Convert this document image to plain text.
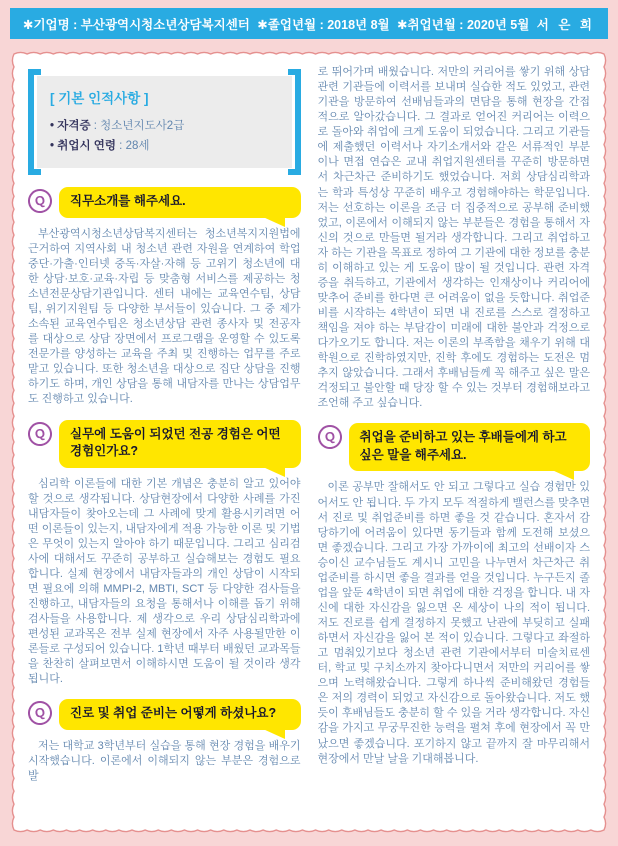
✱기업명 : 부산광역시청소년상담복지센터 ✱졸업년월 : 2018년 8월 ✱취업년월 : 2020년 5월 서 은 희
[ 기본 인적사항 ]
• 자격증 : 청소년지도사2급
• 취업시 연령 : 28세
Q	직무소개를 해주세요.

부산광역시청소년상담복지센터는 청소년복지지원법에 근거하여 지역사회 내 청소년 관련 자원을 연계하여 학업중단·가출·인터넷 중독·자살·자해 등 고위기 청소년에 대한 상담·보호·교육·자립 등 맞춤형 서비스를 제공하는 청소년전문상담기관입니다. 센터 내에는 교육연수팀, 상담팀, 위기지원팀 등 다양한 부서들이 있습니다. 그 중 제가 소속된 교육연수팀은 청소년상담 관련 종사자 및 전공자를 대상으로 상담 장면에서 프로그램을 운영할 수 있도록 전문가를 양성하는 교육을 주최 및 진행하는 업무를 주로 맡고 있습니다. 또한 청소년을 대상으로 집단 상담을 진행하기도 하며, 개인 상담을 통해 내담자를 만나는 상담업무도 진행하고 있습니다.

Q	실무에 도움이 되었던 전공 경험은 어떤 경험인가요?

심리학 이론들에 대한 기본 개념은 충분히 알고 있어야 할 것으로 생각됩니다. 상담현장에서 다양한 사례를 가진 내담자들이 찾아오는데 그 사례에 맞게 활용시키려면 어떤 이론들이 있는지, 내담자에게 적용 가능한 이론 및 기법은 무엇이 있는지 알아야 하기 때문입니다. 그리고 심리검사에 대해서도 꾸준히 공부하고 실습해보는 경험도 필요합니다. 실제 현장에서 내담자들과의 개인 상담이 시작되면 필요에 의해 MMPI-2, MBTI, SCT 등 다양한 검사들을 진행하고, 내담자들의 요청을 통해서나 이해를 돕기 위해 검사들을 사용합니다. 제 생각으로 우리 상담심리학과에 편성된 교과목은 전부 실제 현장에서 자주 사용될만한 이론들로 구성되어 있습니다. 1학년 때부터 배웠던 교과목들을 찬찬히 살펴보면서 이해하시면 도움이 될 것이라 생각됩니다.

Q	진로 및 취업 준비는 어떻게 하셨나요?

저는 대학교 3학년부터 실습을 통해 현장 경험을 배우기 시작했습니다. 이론에서 이해되지 않는 부분은 경험으로 발

로 뛰어가며 배웠습니다. 저만의 커리어를 쌓기 위해 상담 관련 기관들에 이력서를 보내며 실습한 적도 있었고, 관련 기관을 방문하여 선배님들과의 면담을 통해 현장을 간접적으로 알아갔습니다. 그 결과로 얻어진 커리어는 이력으로 돌아와 취업에 크게 도움이 되었습니다. 그리고 기관들에 제출했던 이력서나 자기소개서와 같은 서류적인 부분이나 면접 연습은 교내 취업지원센터를 꾸준히 방문하면서 차근차근 준비하기도 했었습니다. 저희 상담심리학과는 학과 특성상 꾸준히 배우고 경험해야하는 학문입니다. 저는 선호하는 이론을 조금 더 집중적으로 공부해 준비했었고, 이론에서 이해되지 않는 부분들은 경험을 통해서 자신의 것으로 만들면 될거라 생각합니다. 그리고 취업하고자 하는 기관을 목표로 정하여 그 기관에 대한 정보를 충분히 이해하고 있는 게 도움이 많이 될 것입니다. 관련 자격증을 취득하고, 기관에서 생각하는 인재상이나 커리어에 맞추어 준비를 한다면 큰 어려움이 없을 듯합니다. 취업준비를 시작하는 4학년이 되면 내 진로를 스스로 결정하고 책임을 져야 하는 부담감이 미래에 대한 불안과 걱정으로 다가오기도 합니다. 저는 이론의 부족함을 채우기 위해 대학원으로 진학하였지만, 진학 후에도 경험하는 도전은 멈추지 않았습니다. 그래서 후배님들께 꼭 해주고 싶은 말은 걱정되고 불안할 때 당장 할 수 있는 것부터 경험해보라고 조언해 주고 싶습니다.

Q	취업을 준비하고 있는 후배들에게 하고 싶은 말을 해주세요.

이론 공부만 잘해서도 안 되고 그렇다고 실습 경험만 있어서도 안 됩니다. 두 가지 모두 적절하게 밸런스를 맞추면서 진로 및 취업준비를 하면 좋을 것 같습니다. 혼자서 감당하기에 어려움이 있다면 동기들과 함께 도전해 보셨으면 좋겠습니다. 그리고 가장 가까이에 최고의 선배이자 스승이신 교수님들도 계시니 고민을 나누면서 차근차근 취업준비를 하시면 좋을 결과를 얻을 것입니다. 누구든지 졸업을 앞둔 4학년이 되면 취업에 대한 걱정을 합니다. 내 자신에 대한 자신감을 잃으면 온 세상이 나의 적이 됩니다. 저도 진로를 쉽게 결정하지 못했고 난관에 부딪히고 실패하면서 자신감을 잃어 본 적이 있습니다. 그렇다고 좌절하고 멈춰있기보다 청소년 관련 기관에서부터 미술치료센터, 학교 및 구치소까지 찾아다니면서 저만의 커리어를 쌓으며 노력해왔습니다. 그렇게 하나씩 준비해왔던 경험들은 저의 경력이 되었고 자신감으로 돌아왔습니다. 저도 했듯이 후배님들도 충분히 할 수 있을 거라 생각합니다. 자신감을 가지고 무궁무진한 능력을 펼쳐 후에 현장에서 꼭 만났으면 좋겠습니다. 포기하지 않고 끝까지 잘 마무리해서 현장에서 만날 날을 기대해봅니다.
